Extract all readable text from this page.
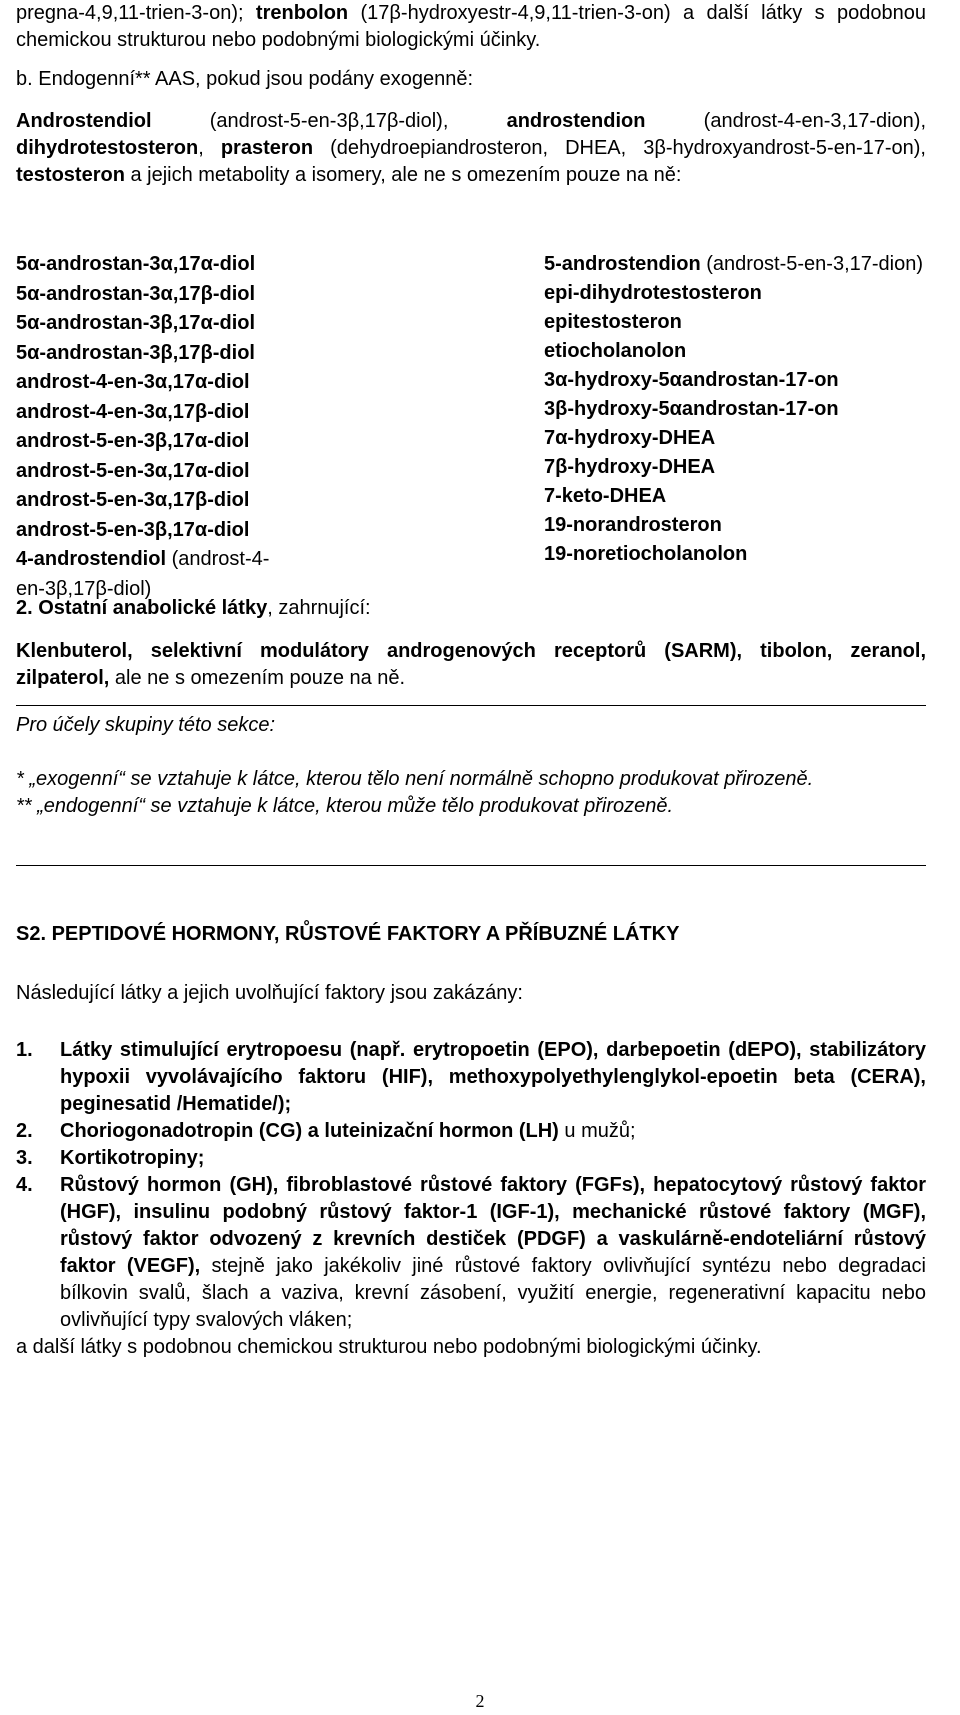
pregna-4,9,11-trien-3-on); trenbolon (17β-hydroxyestr-4,9,11-trien-3-on) a další látky s podobnou chemickou strukturou nebo podobnými biologickými účinky.

b. Endogenní** AAS, pokud jsou podány exogenně:

Androstendiol (androst-5-en-3β,17β-diol), androstendion (androst-4-en-3,17-dion), dihydrotestosteron, prasteron (dehydroepiandrosteron, DHEA, 3β-hydroxyandrost-5-en-17-on), testosteron a jejich metabolity a isomery, ale ne s omezením pouze na ně:

5α-androstan-3α,17α-diol

5α-androstan-3α,17β-diol

5α-androstan-3β,17α-diol

5α-androstan-3β,17β-diol

androst-4-en-3α,17α-diol

androst-4-en-3α,17β-diol

androst-5-en-3β,17α-diol

androst-5-en-3α,17α-diol

androst-5-en-3α,17β-diol

androst-5-en-3β,17α-diol

4-androstendiol (androst-4-en-3β,17β-diol)

5-androstendion (androst-5-en-3,17-dion)

epi-dihydrotestosteron

epitestosteron

etiocholanolon

3α-hydroxy-5αandrostan-17-on

3β-hydroxy-5αandrostan-17-on

7α-hydroxy-DHEA

7β-hydroxy-DHEA

7-keto-DHEA

19-norandrosteron

19-noretiocholanolon

2. Ostatní anabolické látky, zahrnující:

Klenbuterol, selektivní modulátory androgenových receptorů (SARM), tibolon, zeranol, zilpaterol, ale ne s omezením pouze na ně.

Pro účely skupiny této sekce:

* „exogenní“ se vztahuje k látce, kterou tělo není normálně schopno produkovat přirozeně.

** „endogenní“ se vztahuje k látce, kterou může tělo produkovat přirozeně.

S2. PEPTIDOVÉ HORMONY, RŮSTOVÉ FAKTORY A PŘÍBUZNÉ LÁTKY

Následující látky a jejich uvolňující faktory jsou zakázány:

1. Látky stimulující erytropoesu (např. erytropoetin (EPO), darbepoetin (dEPO), stabilizátory hypoxii vyvolávajícího faktoru (HIF), methoxypolyethylenglykol-epoetin beta (CERA), peginesatid /Hematide/);
2. Choriogonadotropin (CG) a luteinizační hormon (LH) u mužů;
3. Kortikotropiny;
4. Růstový hormon (GH), fibroblastové růstové faktory (FGFs), hepatocytový růstový faktor (HGF), insulinu podobný růstový faktor-1 (IGF-1), mechanické růstové faktory (MGF), růstový faktor odvozený z krevních destiček (PDGF) a vaskulárně-endoteliární růstový faktor (VEGF), stejně jako jakékoliv jiné růstové faktory ovlivňující syntézu nebo degradaci bílkovin svalů, šlach a vaziva, krevní zásobení, využití energie, regenerativní kapacitu nebo ovlivňující typy svalových vláken;

a další látky s podobnou chemickou strukturou nebo podobnými biologickými účinky.

2
